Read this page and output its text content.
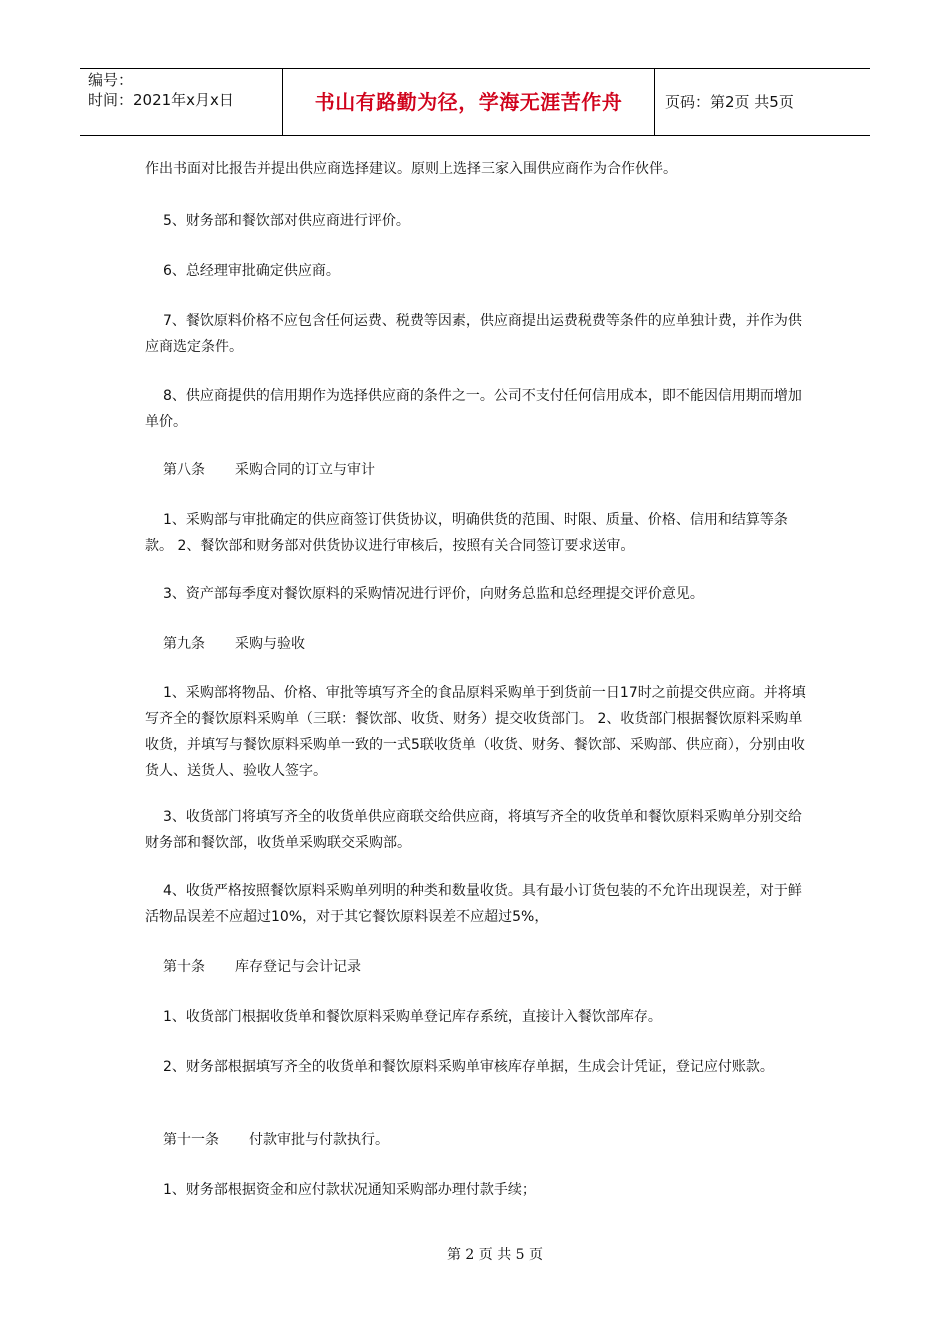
编号：
时间：2021年x月x日	书山有路勤为径，学海无涯苦作舟	页码：第2页 共5页
作出书面对比报告并提出供应商选择建议。原则上选择三家入围供应商作为合作伙伴。
5、财务部和餐饮部对供应商进行评价。
6、总经理审批确定供应商。
7、餐饮原料价格不应包含任何运费、税费等因素，供应商提出运费税费等条件的应单独计费，并作为供应商选定条件。
8、供应商提供的信用期作为选择供应商的条件之一。公司不支付任何信用成本，即不能因信用期而增加单价。
第八条 采购合同的订立与审计
1、采购部与审批确定的供应商签订供货协议，明确供货的范围、时限、质量、价格、信用和结算等条款。 2、餐饮部和财务部对供货协议进行审核后，按照有关合同签订要求送审。
3、资产部每季度对餐饮原料的采购情况进行评价，向财务总监和总经理提交评价意见。
第九条 采购与验收
1、采购部将物品、价格、审批等填写齐全的食品原料采购单于到货前一日17时之前提交供应商。并将填写齐全的餐饮原料采购单（三联：餐饮部、收货、财务）提交收货部门。 2、收货部门根据餐饮原料采购单收货，并填写与餐饮原料采购单一致的一式5联收货单（收货、财务、餐饮部、采购部、供应商），分别由收货人、送货人、验收人签字。
3、收货部门将填写齐全的收货单供应商联交给供应商，将填写齐全的收货单和餐饮原料采购单分别交给财务部和餐饮部，收货单采购联交采购部。
4、收货严格按照餐饮原料采购单列明的种类和数量收货。具有最小订货包装的不允许出现误差，对于鲜活物品误差不应超过10%，对于其它餐饮原料误差不应超过5%，
第十条 库存登记与会计记录
1、收货部门根据收货单和餐饮原料采购单登记库存系统，直接计入餐饮部库存。
2、财务部根据填写齐全的收货单和餐饮原料采购单审核库存单据，生成会计凭证，登记应付账款。
第十一条 付款审批与付款执行。
1、财务部根据资金和应付款状况通知采购部办理付款手续；
第 2 页 共 5 页
